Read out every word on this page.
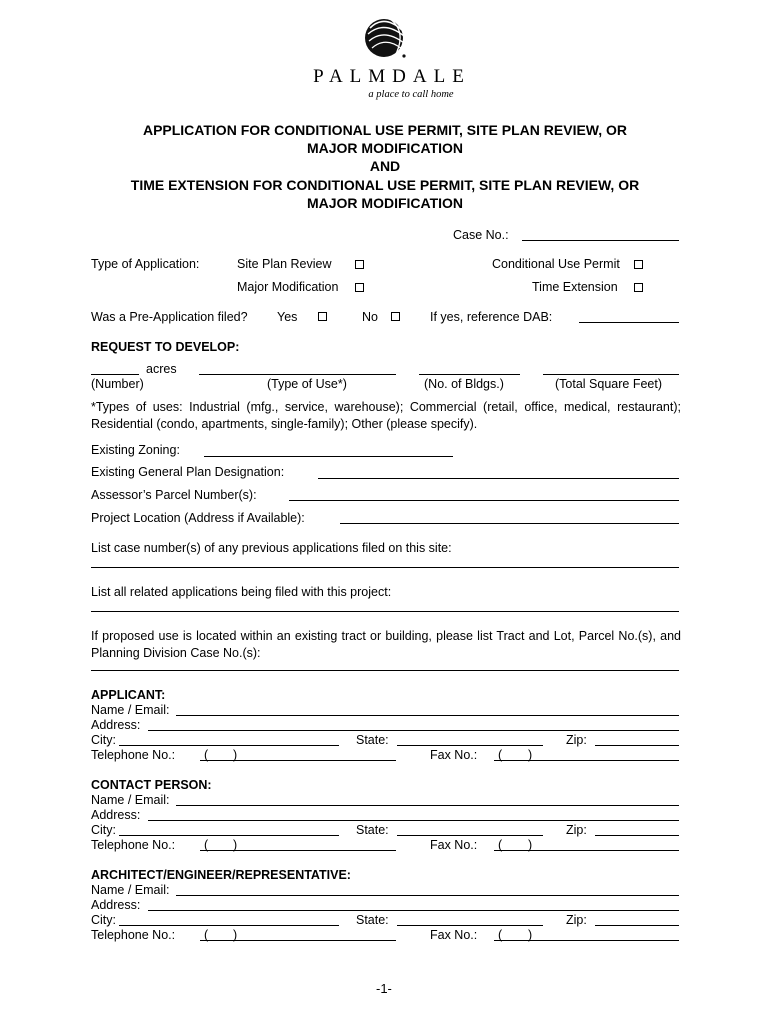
PALMDALE
a place to call home
APPLICATION FOR CONDITIONAL USE PERMIT, SITE PLAN REVIEW, OR
MAJOR MODIFICATION
AND
TIME EXTENSION FOR CONDITIONAL USE PERMIT, SITE PLAN REVIEW, OR
MAJOR MODIFICATION
Case No.:
Type of Application:	Site Plan Review	Conditional Use Permit
Major Modification	Time Extension
Was a Pre-Application filed? Yes	No	If yes, reference DAB:
REQUEST TO DEVELOP:
acres
(Number)	(Type of Use*)	(No. of Bldgs.)	(Total Square Feet)
*Types of uses: Industrial (mfg., service, warehouse); Commercial (retail, office, medical, restaurant); Residential (condo, apartments, single-family); Other (please specify).
Existing Zoning:
Existing General Plan Designation:
Assessor’s Parcel Number(s):
Project Location (Address if Available):
List case number(s) of any previous applications filed on this site:
List all related applications being filed with this project:
If proposed use is located within an existing tract or building, please list Tract and Lot, Parcel No.(s), and Planning Division Case No.(s):
APPLICANT:
Name / Email:
Address:
City:	State:	Zip:
Telephone No.: ( )	Fax No.: ( )
CONTACT PERSON:
Name / Email:
Address:
City:	State:	Zip:
Telephone No.: ( )	Fax No.: ( )
ARCHITECT/ENGINEER/REPRESENTATIVE:
Name / Email:
Address:
City:	State:	Zip:
Telephone No.: ( )	Fax No.: ( )
-1-
